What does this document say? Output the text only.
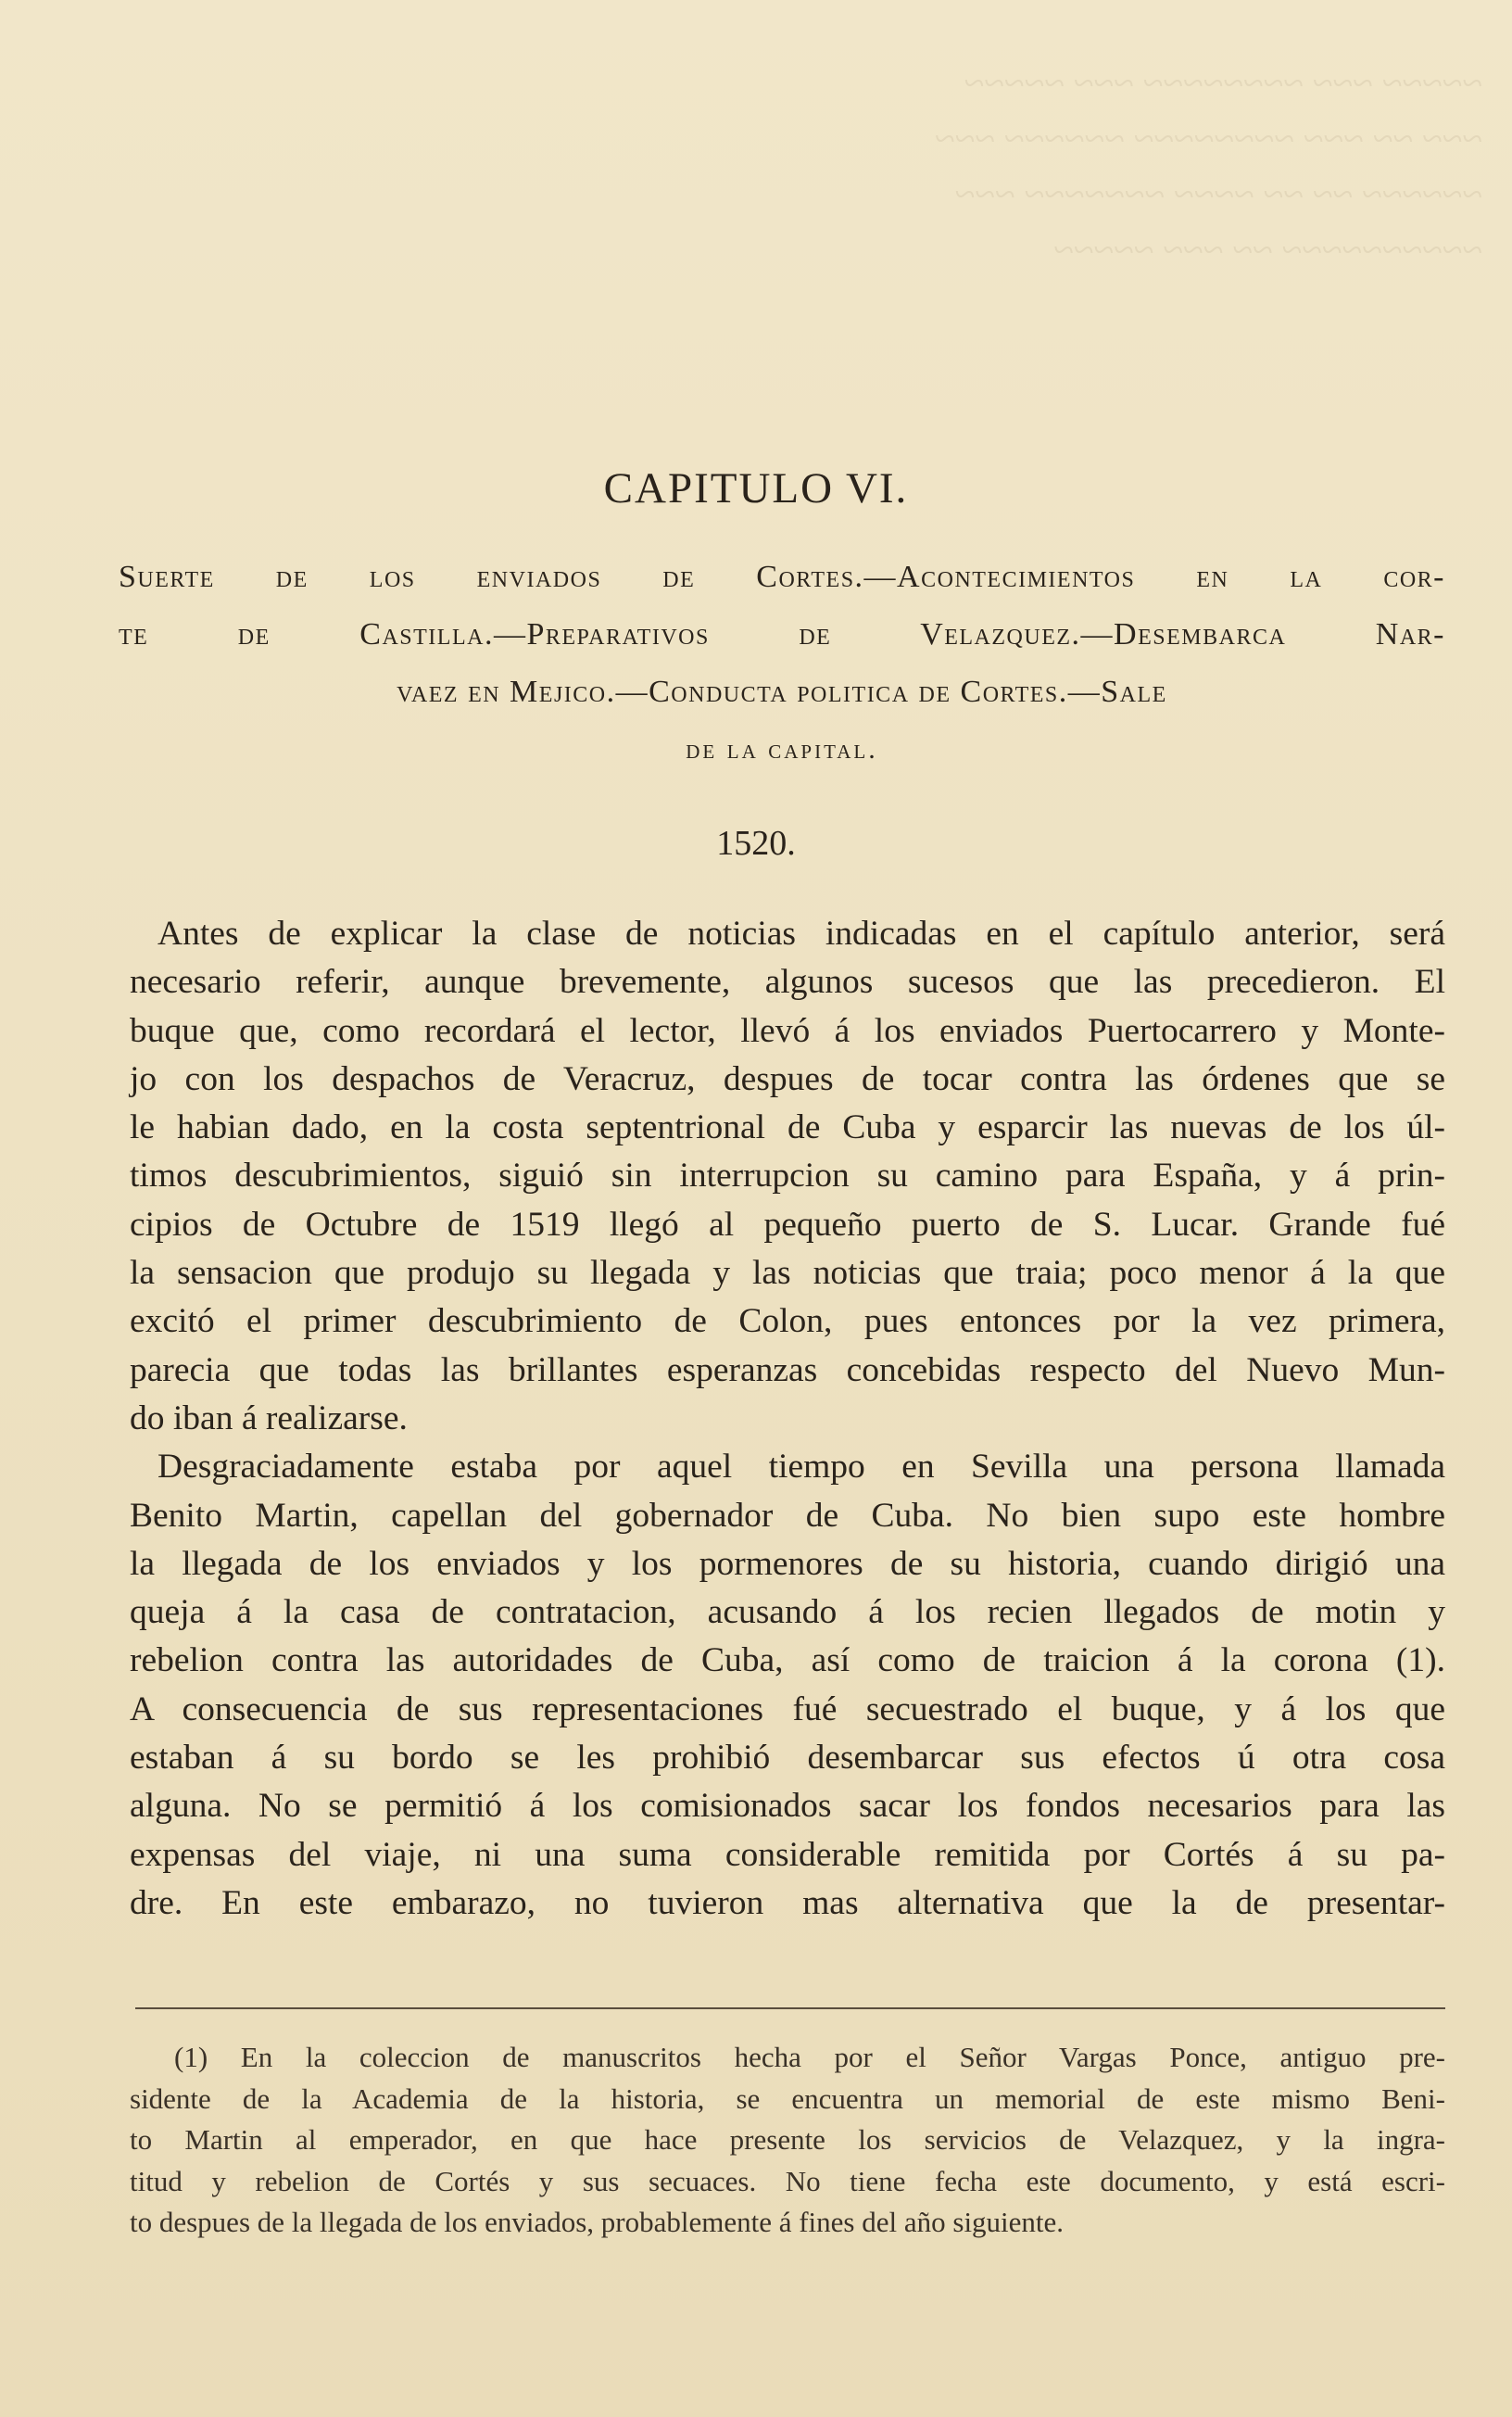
~~~~~ ~~~ ~~~~~~~~ ~~~ ~~~~~
~~~ ~~ ~~~ ~~~~~~~~ ~~~~~~ ~~~
~~~~~~ ~~ ~~ ~~~~ ~~~~~~~ ~~~
~~~~~~~~~~ ~~ ~~~ ~~~~~
CAPITULO VI.
Suerte de los enviados de Cortes.—Acontecimientos en la cor-
te de Castilla.—Preparativos de Velazquez.—Desembarca Nar-
vaez en Mejico.—Conducta politica de Cortes.—Sale
de la capital.
1520.
Antes de explicar la clase de noticias indicadas en el capítulo anterior, será
necesario referir, aunque brevemente, algunos sucesos que las precedieron. El
buque que, como recordará el lector, llevó á los enviados Puertocarrero y Monte-
jo con los despachos de Veracruz, despues de tocar contra las órdenes que se
le habian dado, en la costa septentrional de Cuba y esparcir las nuevas de los úl-
timos descubrimientos, siguió sin interrupcion su camino para España, y á prin-
cipios de Octubre de 1519 llegó al pequeño puerto de S. Lucar. Grande fué
la sensacion que produjo su llegada y las noticias que traia; poco menor á la que
excitó el primer descubrimiento de Colon, pues entonces por la vez primera,
parecia que todas las brillantes esperanzas concebidas respecto del Nuevo Mun-
do iban á realizarse.
Desgraciadamente estaba por aquel tiempo en Sevilla una persona llamada
Benito Martin, capellan del gobernador de Cuba. No bien supo este hombre
la llegada de los enviados y los pormenores de su historia, cuando dirigió una
queja á la casa de contratacion, acusando á los recien llegados de motin y
rebelion contra las autoridades de Cuba, así como de traicion á la corona (1).
A consecuencia de sus representaciones fué secuestrado el buque, y á los que
estaban á su bordo se les prohibió desembarcar sus efectos ú otra cosa
alguna. No se permitió á los comisionados sacar los fondos necesarios para las
expensas del viaje, ni una suma considerable remitida por Cortés á su pa-
dre. En este embarazo, no tuvieron mas alternativa que la de presentar-
(1) En la coleccion de manuscritos hecha por el Señor Vargas Ponce, antiguo pre-
sidente de la Academia de la historia, se encuentra un memorial de este mismo Beni-
to Martin al emperador, en que hace presente los servicios de Velazquez, y la ingra-
titud y rebelion de Cortés y sus secuaces. No tiene fecha este documento, y está escri-
to despues de la llegada de los enviados, probablemente á fines del año siguiente.
